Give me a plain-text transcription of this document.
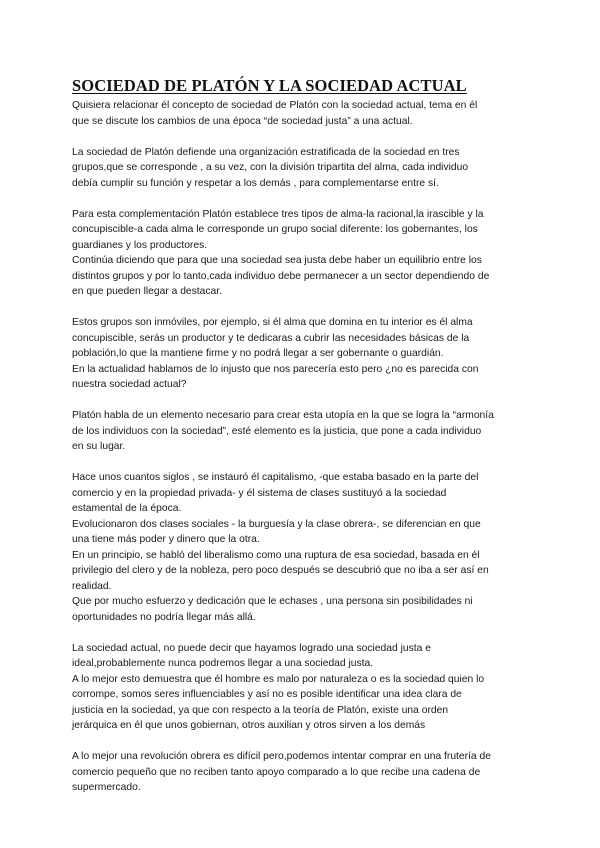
SOCIEDAD DE PLATÓN Y LA SOCIEDAD ACTUAL

Quisiera relacionar él concepto de sociedad de Platón con la sociedad actual, tema en él
que se discute los cambios de una época “de sociedad justa” a una actual.

La sociedad de Platón defiende una organización estratificada de la sociedad en tres
grupos,que se corresponde , a su vez, con la división tripartita del alma, cada individuo
debía cumplir su función y respetar a los demás , para complementarse entre sí.

Para esta complementación Platón establece tres tipos de alma-la racional,la irascible y la
concupiscible-a cada alma le corresponde un grupo social diferente: los gobernantes, los
guardianes y los productores.
Continúa diciendo que para que una sociedad sea justa debe haber un equilibrio entre los
distintos grupos y por lo tanto,cada individuo debe permanecer a un sector dependiendo de
en que pueden llegar a destacar.

Estos grupos son inmóviles, por ejemplo, si él alma que domina en tu interior es él alma
concupiscible, serás un productor y te dedicaras a cubrir las necesidades básicas de la
población,lo que la mantiene firme y no podrá llegar a ser gobernante o guardián.
En la actualidad hablamos de lo injusto que nos parecería esto pero ¿no es parecida con
nuestra sociedad actual?

Platón habla de un elemento necesario para crear esta utopía en la que se logra la “armonía
de los individuos con la sociedad”, esté elemento es la justicia, que pone a cada individuo
en su lugar.

Hace unos cuantos siglos , se instauró él capitalismo, -que estaba basado en la parte del
comercio y en la propiedad privada- y él sistema de clases sustituyó a la sociedad
estamental de la época.
Evolucionaron dos clases sociales - la burguesía y la clase obrera-, se diferencian en que
una tiene más poder y dinero que la otra.
En un principio, se habló del liberalismo como una ruptura de esa sociedad, basada en él
privilegio del clero y de la nobleza, pero poco después se descubrió que no iba a ser así en
realidad.
Que por mucho esfuerzo y dedicación que le echases , una persona sin posibilidades ni
oportunidades no podría llegar más allá.

La sociedad actual, no puede decir que hayamos logrado una sociedad justa e
ideal,probablemente nunca podremos llegar a una sociedad justa.
A lo mejor esto demuestra que él hombre es malo por naturaleza o es la sociedad quien lo
corrompe, somos seres influenciables y así no es posible identificar una idea clara de
justicia en la sociedad, ya que con respecto a la teoría de Platón, existe una orden
jerárquica en él que unos gobiernan, otros auxilian y otros sirven a los demás

A lo mejor una revolución obrera es difícil pero,podemos intentar comprar en una frutería de
comercio pequeño que no reciben tanto apoyo comparado a lo que recibe una cadena de
supermercado.
